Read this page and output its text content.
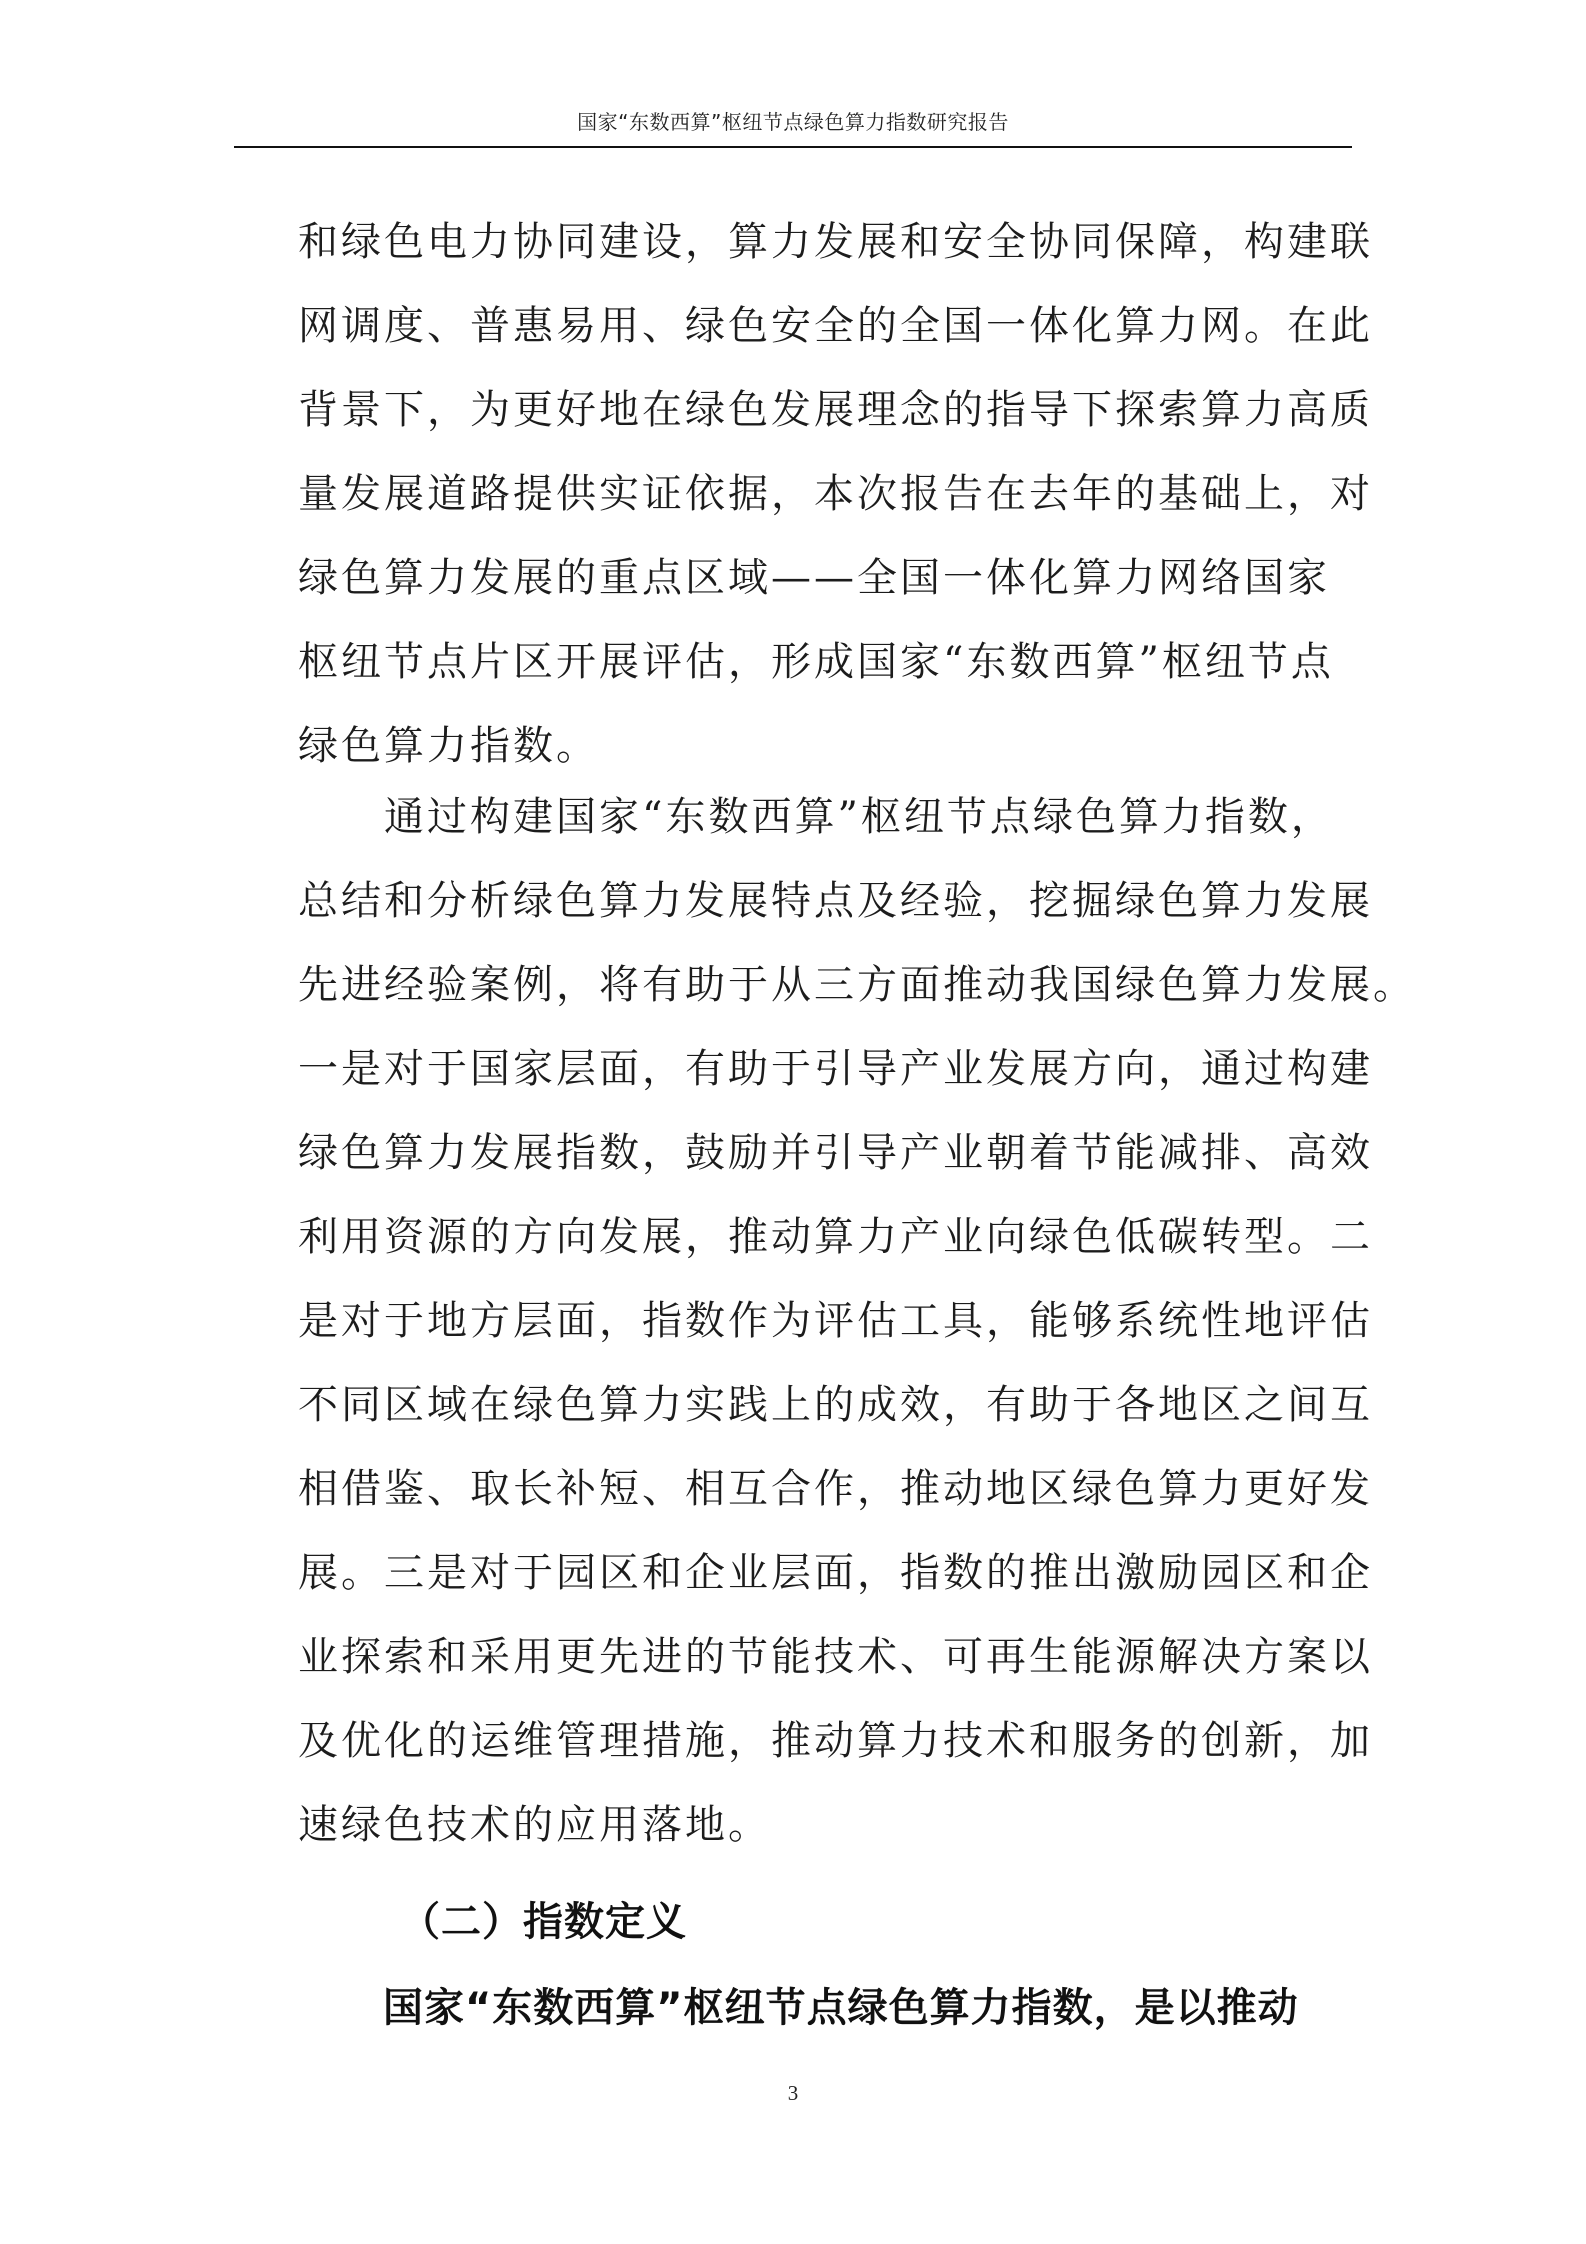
国家“东数西算”枢纽节点绿色算力指数研究报告
和绿色电力协同建设，算力发展和安全协同保障，构建联
网调度、普惠易用、绿色安全的全国一体化算力网。在此
背景下，为更好地在绿色发展理念的指导下探索算力高质
量发展道路提供实证依据，本次报告在去年的基础上，对
绿色算力发展的重点区域——全国一体化算力网络国家
枢纽节点片区开展评估，形成国家“东数西算”枢纽节点
绿色算力指数。
　　通过构建国家“东数西算”枢纽节点绿色算力指数，
总结和分析绿色算力发展特点及经验，挖掘绿色算力发展
先进经验案例，将有助于从三方面推动我国绿色算力发展。
一是对于国家层面，有助于引导产业发展方向，通过构建
绿色算力发展指数，鼓励并引导产业朝着节能减排、高效
利用资源的方向发展，推动算力产业向绿色低碳转型。二
是对于地方层面，指数作为评估工具，能够系统性地评估
不同区域在绿色算力实践上的成效，有助于各地区之间互
相借鉴、取长补短、相互合作，推动地区绿色算力更好发
展。三是对于园区和企业层面，指数的推出激励园区和企
业探索和采用更先进的节能技术、可再生能源解决方案以
及优化的运维管理措施，推动算力技术和服务的创新，加
速绿色技术的应用落地。
（二）指数定义
国家“东数西算”枢纽节点绿色算力指数，是以推动
3
